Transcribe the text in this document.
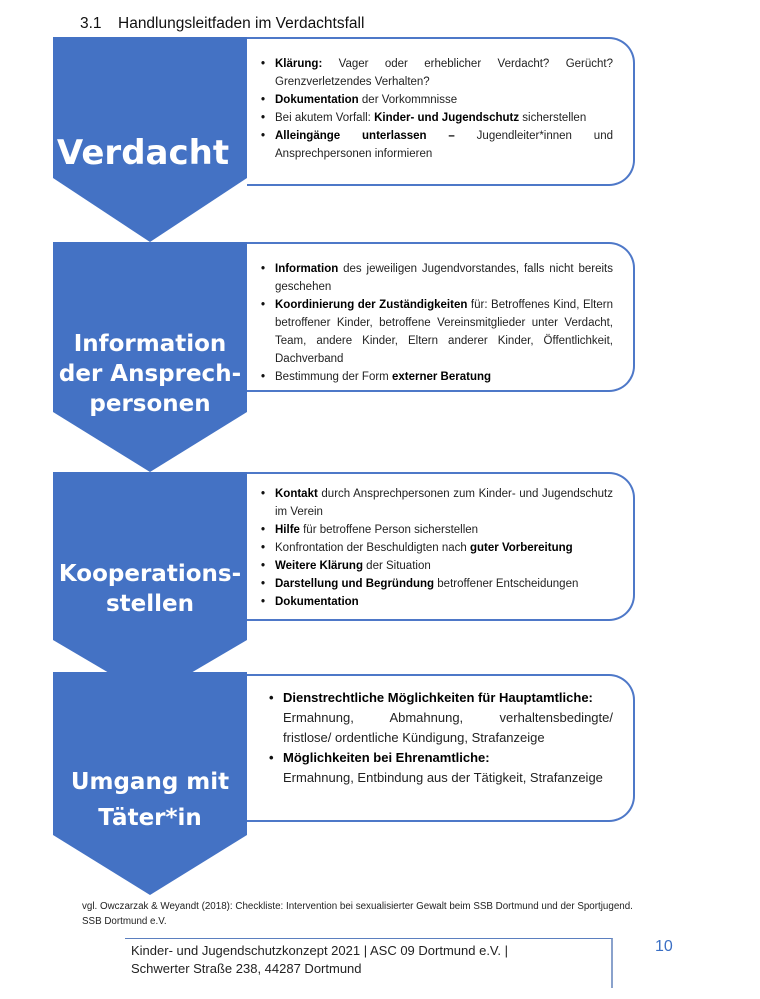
3.1 Handlungsleitfaden im Verdachtsfall
Verdacht
• Klärung: Vager oder erheblicher Verdacht? Gerücht? Grenzverletzendes Verhalten?
• Dokumentation der Vorkommnisse
• Bei akutem Vorfall: Kinder- und Jugendschutz sicherstellen
• Alleingänge unterlassen – Jugendleiter*innen und Ansprechpersonen informieren
Information
der Ansprech-
personen
• Information des jeweiligen Jugendvorstandes, falls nicht bereits geschehen
• Koordinierung der Zuständigkeiten für: Betroffenes Kind, Eltern betroffener Kinder, betroffene Vereinsmitglieder unter Verdacht, Team, andere Kinder, Eltern anderer Kinder, Öffentlichkeit, Dachverband
• Bestimmung der Form externer Beratung
Kooperations-
stellen
• Kontakt durch Ansprechpersonen zum Kinder- und Jugendschutz im Verein
• Hilfe für betroffene Person sicherstellen
• Konfrontation der Beschuldigten nach guter Vorbereitung
• Weitere Klärung der Situation
• Darstellung und Begründung betroffener Entscheidungen
• Dokumentation
Umgang mit
Täter*in
• Dienstrechtliche Möglichkeiten für Hauptamtliche:
Ermahnung, Abmahnung, verhaltensbedingte/
fristlose/ ordentliche Kündigung, Strafanzeige
• Möglichkeiten bei Ehrenamtliche:
Ermahnung, Entbindung aus der Tätigkeit, Strafanzeige
vgl. Owczarzak & Weyandt (2018): Checkliste: Intervention bei sexualisierter Gewalt beim SSB Dortmund und der Sportjugend. SSB Dortmund e.V.
Kinder- und Jugendschutzkonzept 2021 | ASC 09 Dortmund e.V. |
Schwerter Straße 238, 44287 Dortmund
10
